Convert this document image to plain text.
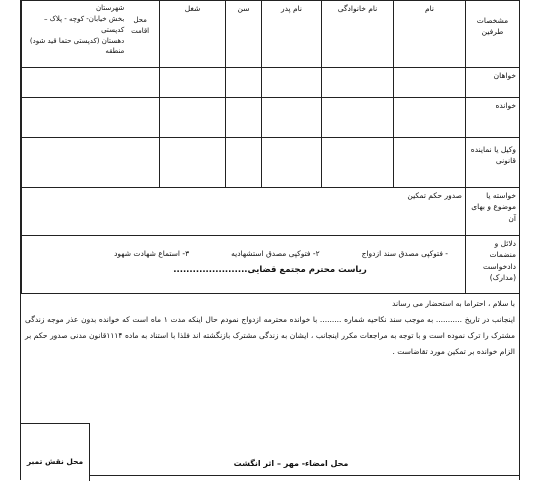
مشخصات طرفین	نام	نام خانوادگی	نام پدر	سن	شغل	محل اقامت
شهرستان
بخش خیابان- کوچه - پلاک – کدپستی
دهستان (کدپستی حتما قید شود)
منطقه

خواهان						
خوانده						
وکیل یا نماینده قانونی						
خواسته یا موضوع و بهای آن	صدور حکم تمکین					
دلائل و منضمات دادخواست (مدارک)	- فتوکپی مصدق سند ازدواج
۲- فتوکپی مصدق استشهادیه
۳- استماع شهادت شهود					
ریاست محترم مجتمع قضایی.......................
با سلام ، احتراما به استحضار می رساند
اینجانب در تاریخ ........... به موجب سند نکاحیه شماره ......... با خوانده محترمه ازدواج نمودم حال اینکه مدت ۱ ماه است که خوانده بدون عذر موجه زندگی مشترک را ترک نموده است و با توجه به مراجعات مکرر اینجانب ، ایشان به زندگی مشترک بازنگشته اند فلذا با استناد به ماده ۱۱۱۴قانون مدنی صدور حکم بر الزام خوانده بر تمکین مورد تقاضاست .
محل نقش تمبر	محل امضاء- مهر – اثر انگشت
